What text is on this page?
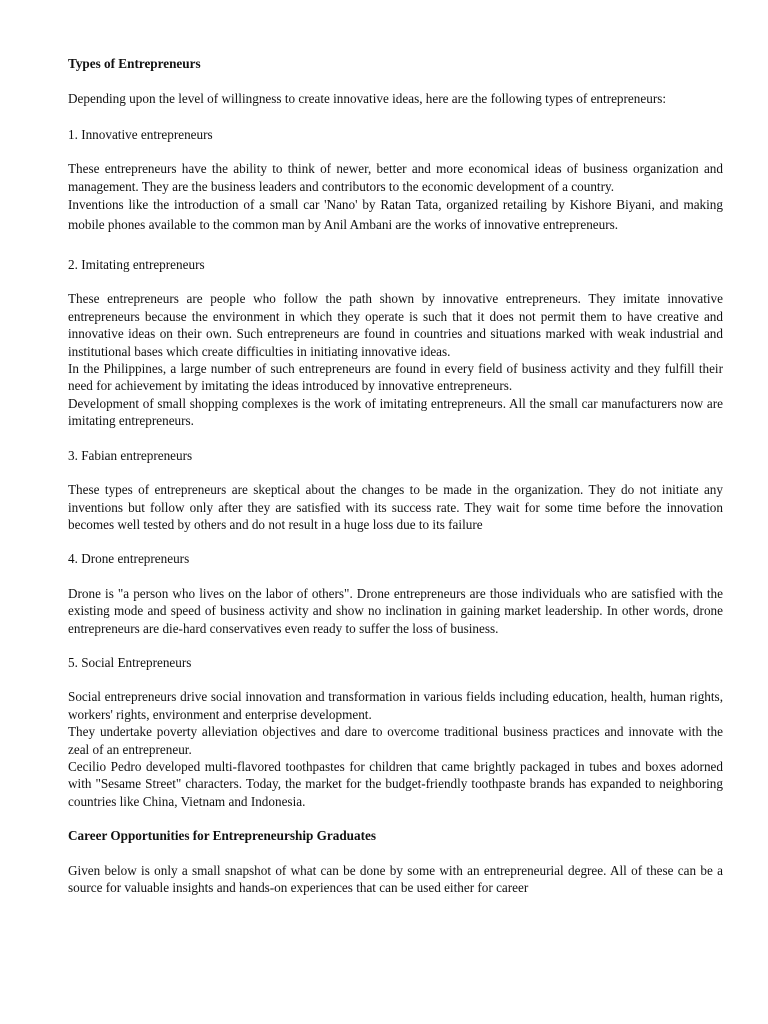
Types of Entrepreneurs

Depending upon the level of willingness to create innovative ideas, here are the following types of entrepreneurs:

1. Innovative entrepreneurs

These entrepreneurs have the ability to think of newer, better and more economical ideas of business organization and management. They are the business leaders and contributors to the economic development of a country.

Inventions like the introduction of a small car 'Nano' by Ratan Tata, organized retailing by Kishore Biyani, and making mobile phones available to the common man by Anil Ambani are the works of innovative entrepreneurs.

2. Imitating entrepreneurs

These entrepreneurs are people who follow the path shown by innovative entrepreneurs. They imitate innovative entrepreneurs because the environment in which they operate is such that it does not permit them to have creative and innovative ideas on their own. Such entrepreneurs are found in countries and situations marked with weak industrial and institutional bases which create difficulties in initiating innovative ideas.

In the Philippines, a large number of such entrepreneurs are found in every field of business activity and they fulfill their need for achievement by imitating the ideas introduced by innovative entrepreneurs.

Development of small shopping complexes is the work of imitating entrepreneurs. All the small car manufacturers now are imitating entrepreneurs.

3. Fabian entrepreneurs

These types of entrepreneurs are skeptical about the changes to be made in the organization. They do not initiate any inventions but follow only after they are satisfied with its success rate. They wait for some time before the innovation becomes well tested by others and do not result in a huge loss due to its failure

4. Drone entrepreneurs

Drone is "a person who lives on the labor of others". Drone entrepreneurs are those individuals who are satisfied with the existing mode and speed of business activity and show no inclination in gaining market leadership. In other words, drone entrepreneurs are die-hard conservatives even ready to suffer the loss of business.

5. Social Entrepreneurs

Social entrepreneurs drive social innovation and transformation in various fields including education, health, human rights, workers' rights, environment and enterprise development.

They undertake poverty alleviation objectives and dare to overcome traditional business practices and innovate with the zeal of an entrepreneur.

Cecilio Pedro developed multi-flavored toothpastes for children that came brightly packaged in tubes and boxes adorned with "Sesame Street" characters. Today, the market for the budget-friendly toothpaste brands has expanded to neighboring countries like China, Vietnam and Indonesia.

Career Opportunities for Entrepreneurship Graduates

Given below is only a small snapshot of what can be done by some with an entrepreneurial degree. All of these can be a source for valuable insights and hands-on experiences that can be used either for career
